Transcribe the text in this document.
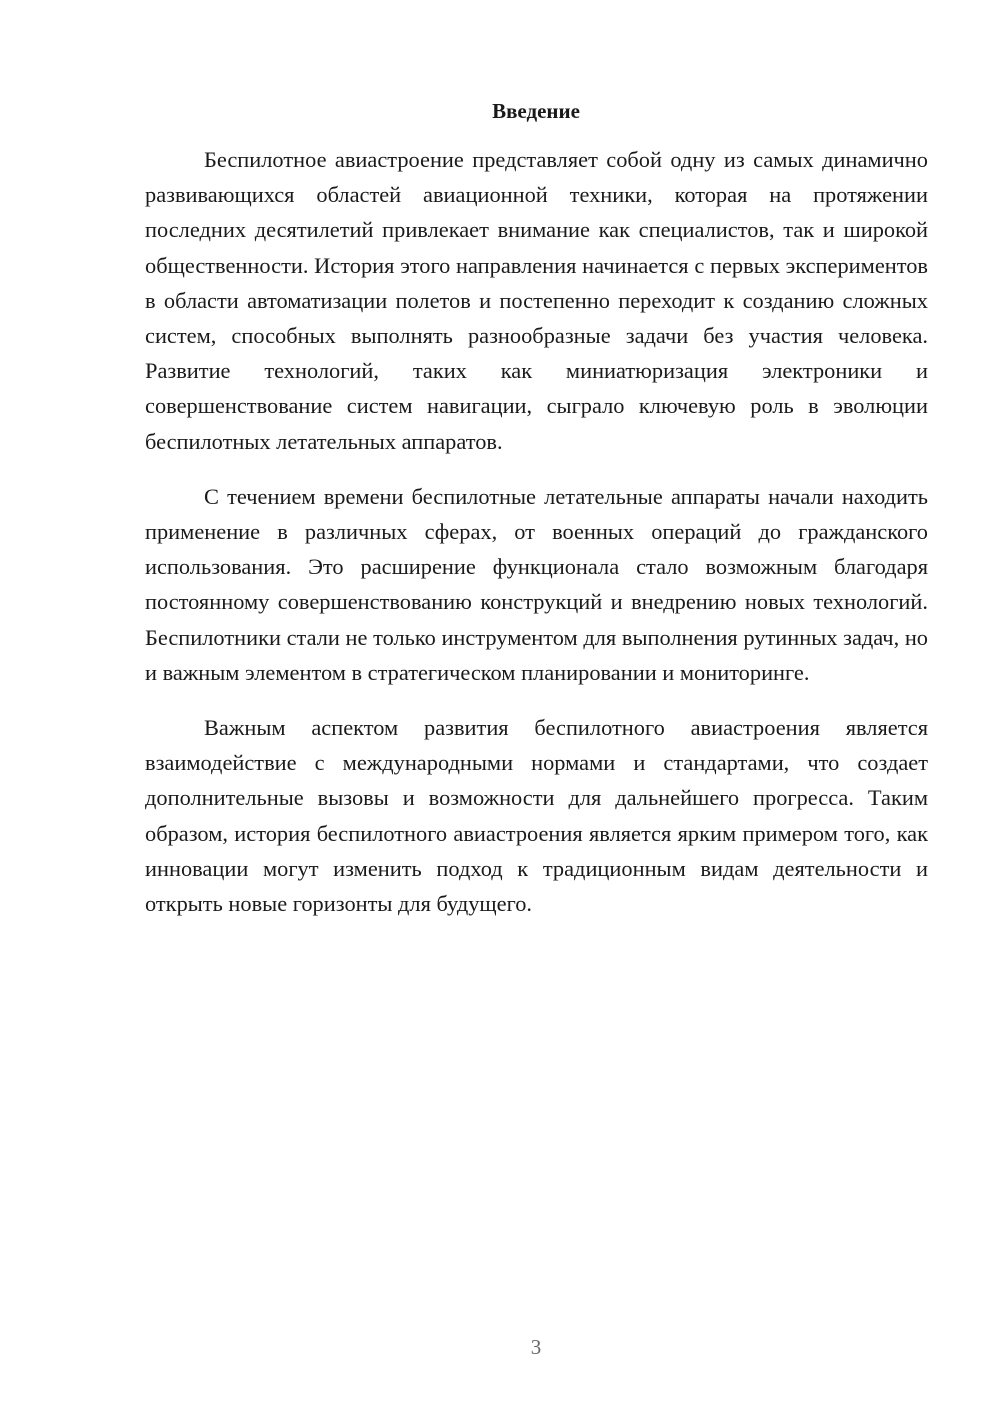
Введение

Беспилотное авиастроение представляет собой одну из самых динамично развивающихся областей авиационной техники, которая на протяжении последних десятилетий привлекает внимание как специалистов, так и широкой общественности. История этого направления начинается с первых экспериментов в области автоматизации полетов и постепенно переходит к созданию сложных систем, способных выполнять разнообразные задачи без участия человека. Развитие технологий, таких как миниатюризация электроники и совершенствование систем навигации, сыграло ключевую роль в эволюции беспилотных летательных аппаратов.

С течением времени беспилотные летательные аппараты начали находить применение в различных сферах, от военных операций до гражданского использования. Это расширение функционала стало возможным благодаря постоянному совершенствованию конструкций и внедрению новых технологий. Беспилотники стали не только инструментом для выполнения рутинных задач, но и важным элементом в стратегическом планировании и мониторинге.

Важным аспектом развития беспилотного авиастроения является взаимодействие с международными нормами и стандартами, что создает дополнительные вызовы и возможности для дальнейшего прогресса. Таким образом, история беспилотного авиастроения является ярким примером того, как инновации могут изменить подход к традиционным видам деятельности и открыть новые горизонты для будущего.

3
